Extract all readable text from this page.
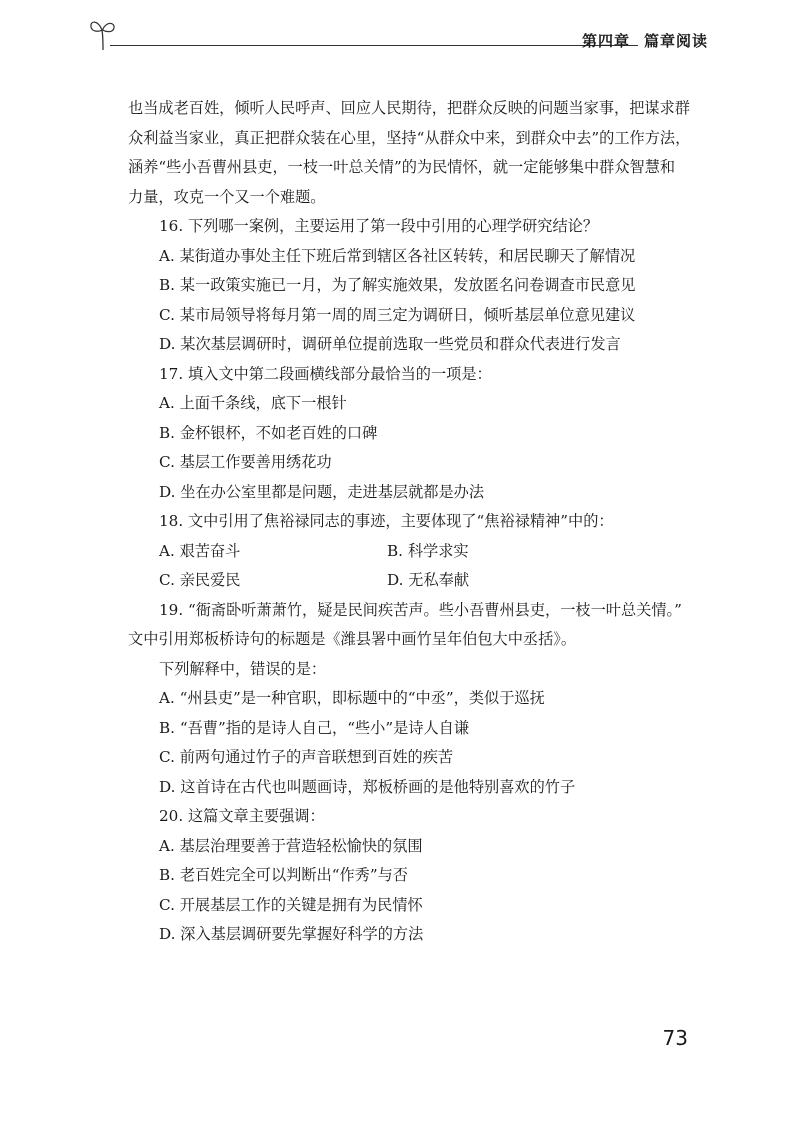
第四章 篇章阅读
也当成老百姓，倾听人民呼声、回应人民期待，把群众反映的问题当家事，把谋求群
众利益当家业，真正把群众装在心里，坚持“从群众中来，到群众中去”的工作方法，
涵养“些小吾曹州县吏，一枝一叶总关情”的为民情怀，就一定能够集中群众智慧和
力量，攻克一个又一个难题。

16. 下列哪一案例，主要运用了第一段中引用的心理学研究结论？

A. 某街道办事处主任下班后常到辖区各社区转转，和居民聊天了解情况

B. 某一政策实施已一月，为了解实施效果，发放匿名问卷调查市民意见

C. 某市局领导将每月第一周的周三定为调研日，倾听基层单位意见建议

D. 某次基层调研时，调研单位提前选取一些党员和群众代表进行发言

17. 填入文中第二段画横线部分最恰当的一项是：

A. 上面千条线，底下一根针

B. 金杯银杯，不如老百姓的口碑

C. 基层工作要善用绣花功

D. 坐在办公室里都是问题，走进基层就都是办法

18. 文中引用了焦裕禄同志的事迹，主要体现了“焦裕禄精神”中的：

A. 艰苦奋斗	B. 科学求实
C. 亲民爱民	D. 无私奉献

19. “衙斋卧听萧萧竹，疑是民间疾苦声。些小吾曹州县吏，一枝一叶总关情。”
文中引用郑板桥诗句的标题是《潍县署中画竹呈年伯包大中丞括》。

下列解释中，错误的是：

A. “州县吏”是一种官职，即标题中的“中丞”，类似于巡抚

B. “吾曹”指的是诗人自己，“些小”是诗人自谦

C. 前两句通过竹子的声音联想到百姓的疾苦

D. 这首诗在古代也叫题画诗，郑板桥画的是他特别喜欢的竹子

20. 这篇文章主要强调：

A. 基层治理要善于营造轻松愉快的氛围

B. 老百姓完全可以判断出“作秀”与否

C. 开展基层工作的关键是拥有为民情怀

D. 深入基层调研要先掌握好科学的方法

73
